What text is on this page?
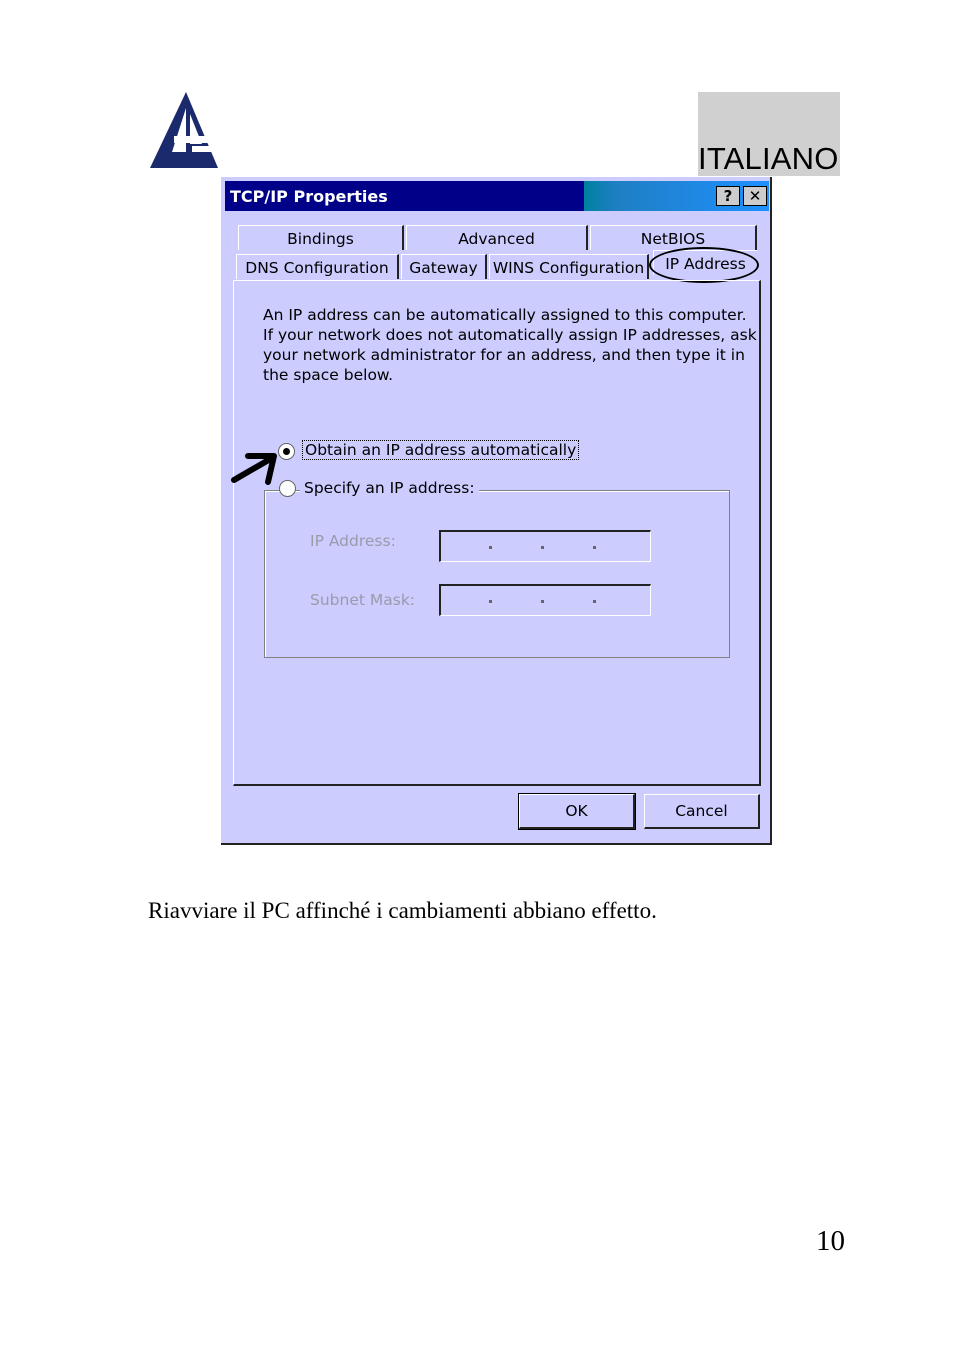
ITALIANO
TCP/IP Properties	?	✕
Bindings	Advanced	NetBIOS
DNS Configuration	Gateway WINS Configuration	IP Address
An IP address can be automatically assigned to this computer.
If your network does not automatically assign IP addresses, ask
your network administrator for an address, and then type it in
the space below.
Obtain an IP address automatically
Specify an IP address:
IP Address:
Subnet Mask:
OK	Cancel
Riavviare il PC affinché i cambiamenti abbiano effetto.
10
